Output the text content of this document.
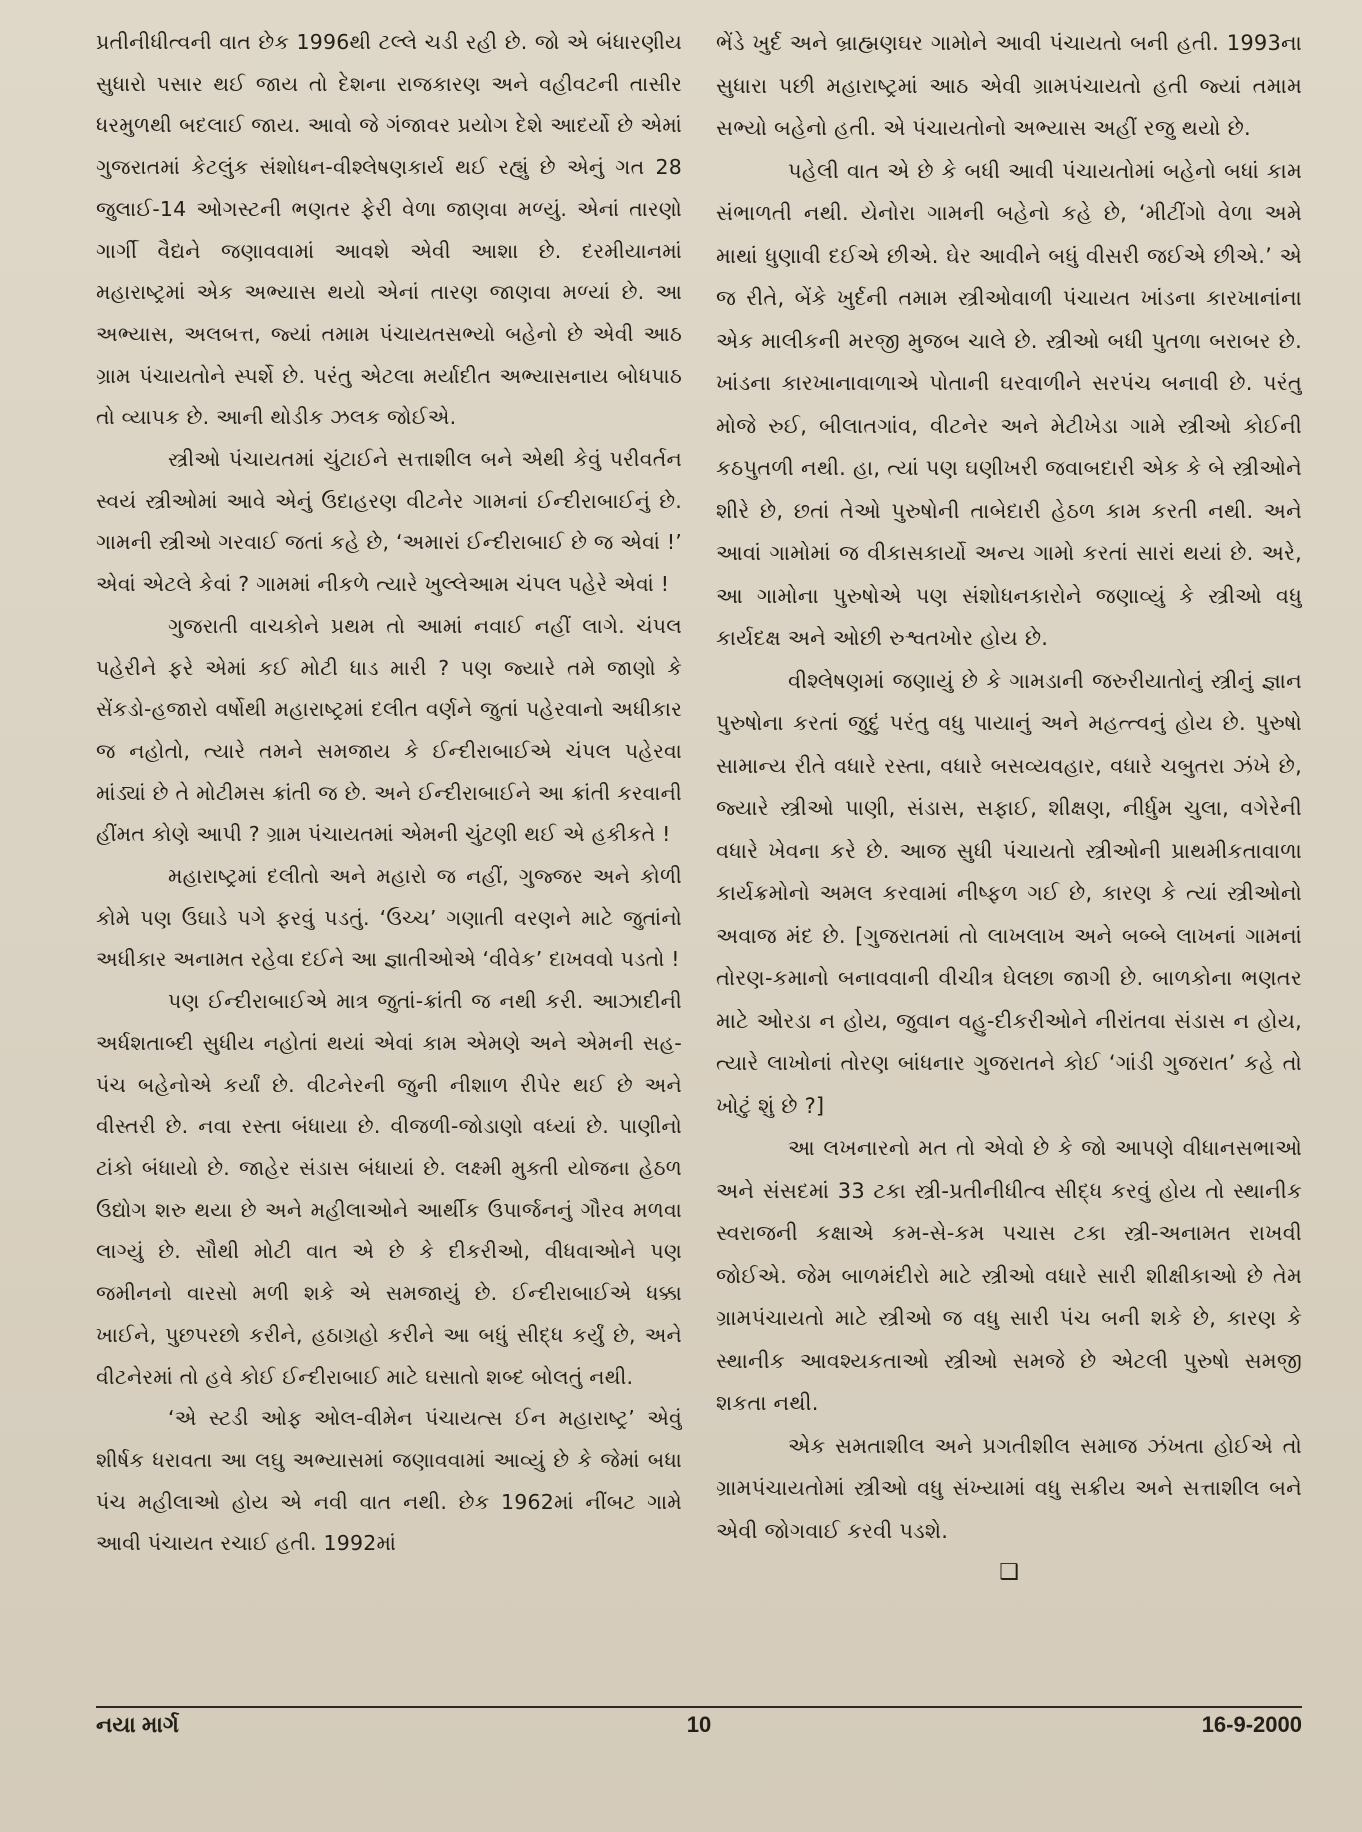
પ્રતીનીધીત્વની વાત છેક 1996થી ટલ્લે ચડી રહી છે. જો એ બંધારણીય સુધારો પસાર થઈ જાય તો દેશના રાજકારણ અને વહીવટની તાસીર ધરમુળથી બદલાઈ જાય. આવો જે ગંજાવર પ્રયોગ દેશે આદર્યો છે એમાં ગુજરાતમાં કેટલુંક સંશોધન-વીશ્લેષણકાર્ય થઈ રહ્યું છે એનું ગત 28 જુલાઈ-14 ઓગસ્ટની ભણતર ફેરી વેળા જાણવા મળ્યું. એનાં તારણો ગાર્ગી વૈદ્યને જણાવવામાં આવશે એવી આશા છે. દરમીયાનમાં મહારાષ્ટ્રમાં એક અભ્યાસ થયો એનાં તારણ જાણવા મળ્યાં છે. આ અભ્યાસ, અલબત્ત, જ્યાં તમામ પંચાયતસભ્યો બહેનો છે એવી આઠ ગ્રામ પંચાયતોને સ્પર્શે છે. પરંતુ એટલા મર્યાદીત અભ્યાસનાય બોધપાઠ તો વ્યાપક છે. આની થોડીક ઝલક જોઈએ.

સ્ત્રીઓ પંચાયતમાં ચુંટાઈને સત્તાશીલ બને એથી કેવું પરીવર્તન સ્વયં સ્ત્રીઓમાં આવે એનું ઉદાહરણ વીટનેર ગામનાં ઈન્દીરાબાઈનું છે. ગામની સ્ત્રીઓ ગરવાઈ જતાં કહે છે, ‘અમારાં ઈન્દીરાબાઈ છે જ એવાં !’ એવાં એટલે કેવાં ? ગામમાં નીકળે ત્યારે ખુલ્લેઆમ ચંપલ પહેરે એવાં !

ગુજરાતી વાચકોને પ્રથમ તો આમાં નવાઈ નહીં લાગે. ચંપલ પહેરીને ફરે એમાં કઈ મોટી ધાડ મારી ? પણ જ્યારે તમે જાણો કે સેંકડો-હજારો વર્ષોથી મહારાષ્ટ્રમાં દલીત વર્ણને જુતાં પહેરવાનો અધીકાર જ નહોતો, ત્યારે તમને સમજાય કે ઈન્દીરાબાઈએ ચંપલ પહેરવા માંડ્યાં છે તે મોટીમસ ક્રાંતી જ છે. અને ઈન્દીરાબાઈને આ ક્રાંતી કરવાની હીંમત કોણે આપી ? ગ્રામ પંચાયતમાં એમની ચુંટણી થઈ એ હકીકતે !

મહારાષ્ટ્રમાં દલીતો અને મહારો જ નહીં, ગુજ્જર અને કોળી કોમે પણ ઉઘાડે પગે ફરવું પડતું. ‘ઉચ્ચ’ ગણાતી વરણને માટે જુતાંનો અધીકાર અનામત રહેવા દઈને આ જ્ઞાતીઓએ ‘વીવેક’ દાખવવો પડતો !

પણ ઈન્દીરાબાઈએ માત્ર જુતાં-ક્રાંતી જ નથી કરી. આઝાદીની અર્ધશતાબ્દી સુધીય નહોતાં થયાં એવાં કામ એમણે અને એમની સહ-પંચ બહેનોએ કર્યાં છે. વીટનેરની જુની નીશાળ રીપેર થઈ છે અને વીસ્તરી છે. નવા રસ્તા બંધાયા છે. વીજળી-જોડાણો વધ્યાં છે. પાણીનો ટાંકો બંધાયો છે. જાહેર સંડાસ બંધાયાં છે. લક્ષ્મી મુક્તી યોજના હેઠળ ઉદ્યોગ શરુ થયા છે અને મહીલાઓને આર્થીક ઉપાર્જનનું ગૌરવ મળવા લાગ્યું છે. સૌથી મોટી વાત એ છે કે દીકરીઓ, વીધવાઓને પણ જમીનનો વારસો મળી શકે એ સમજાયું છે. ઈન્દીરાબાઈએ ધક્કા ખાઈને, પુછપરછો કરીને, હઠાગ્રહો કરીને આ બધું સીદ્ધ કર્યું છે, અને વીટનેરમાં તો હવે કોઈ ઈન્દીરાબાઈ માટે ઘસાતો શબ્દ બોલતું નથી.

‘એ સ્ટડી ઓફ ઓલ-વીમેન પંચાયત્સ ઈન મહારાષ્ટ્ર’ એવું શીર્ષક ધરાવતા આ લઘુ અભ્યાસમાં જણાવવામાં આવ્યું છે કે જેમાં બધા પંચ મહીલાઓ હોય એ નવી વાત નથી. છેક 1962માં નીંબટ ગામે આવી પંચાયત રચાઈ હતી. 1992માં

ભેંડે ખુર્દ અને બ્રાહ્મણઘર ગામોને આવી પંચાયતો બની હતી. 1993ના સુધારા પછી મહારાષ્ટ્રમાં આઠ એવી ગ્રામપંચાયતો હતી જ્યાં તમામ સભ્યો બહેનો હતી. એ પંચાયતોનો અભ્યાસ અહીં રજુ થયો છે.

પહેલી વાત એ છે કે બધી આવી પંચાયતોમાં બહેનો બધાં કામ સંભાળતી નથી. યેનોરા ગામની બહેનો કહે છે, ‘મીટીંગો વેળા અમે માથાં ધુણાવી દઈએ છીએ. ઘેર આવીને બધું વીસરી જઈએ છીએ.’ એ જ રીતે, બેંકે ખુર્દની તમામ સ્ત્રીઓવાળી પંચાયત ખાંડના કારખાનાંના એક માલીકની મરજી મુજબ ચાલે છે. સ્ત્રીઓ બધી પુતળા બરાબર છે. ખાંડના કારખાનાવાળાએ પોતાની ઘરવાળીને સરપંચ બનાવી છે. પરંતુ મોજે રુઈ, બીલાતગાંવ, વીટનેર અને મેટીખેડા ગામે સ્ત્રીઓ કોઈની કઠપુતળી નથી. હા, ત્યાં પણ ઘણીખરી જવાબદારી એક કે બે સ્ત્રીઓને શીરે છે, છતાં તેઓ પુરુષોની તાબેદારી હેઠળ કામ કરતી નથી. અને આવાં ગામોમાં જ વીકાસકાર્યો અન્ય ગામો કરતાં સારાં થયાં છે. અરે, આ ગામોના પુરુષોએ પણ સંશોધનકારોને જણાવ્યું કે સ્ત્રીઓ વધુ કાર્યદક્ષ અને ઓછી રુશ્વતખોર હોય છે.

વીશ્લેષણમાં જણાયું છે કે ગામડાની જરુરીયાતોનું સ્ત્રીનું જ્ઞાન પુરુષોના કરતાં જુદું પરંતુ વધુ પાયાનું અને મહત્ત્વનું હોય છે. પુરુષો સામાન્ય રીતે વધારે રસ્તા, વધારે બસવ્યવહાર, વધારે ચબુતરા ઝંખે છે, જ્યારે સ્ત્રીઓ પાણી, સંડાસ, સફાઈ, શીક્ષણ, નીર્ધુમ ચુલા, વગેરેની વધારે ખેવના કરે છે. આજ સુધી પંચાયતો સ્ત્રીઓની પ્રાથમીકતાવાળા કાર્યક્રમોનો અમલ કરવામાં નીષ્ફળ ગઈ છે, કારણ કે ત્યાં સ્ત્રીઓનો અવાજ મંદ છે. [ગુજરાતમાં તો લાખલાખ અને બબ્બે લાખનાં ગામનાં તોરણ-કમાનો બનાવવાની વીચીત્ર ઘેલછા જાગી છે. બાળકોના ભણતર માટે ઓરડા ન હોય, જુવાન વહુ-દીકરીઓને નીરાંતવા સંડાસ ન હોય, ત્યારે લાખોનાં તોરણ બાંધનાર ગુજરાતને કોઈ ‘ગાંડી ગુજરાત’ કહે તો ખોટું શું છે ?]

આ લખનારનો મત તો એવો છે કે જો આપણે વીધાનસભાઓ અને સંસદમાં 33 ટકા સ્ત્રી-પ્રતીનીધીત્વ સીદ્ધ કરવું હોય તો સ્થાનીક સ્વરાજની કક્ષાએ કમ-સે-કમ પચાસ ટકા સ્ત્રી-અનામત રાખવી જોઈએ. જેમ બાળમંદીરો માટે સ્ત્રીઓ વધારે સારી શીક્ષીકાઓ છે તેમ ગ્રામપંચાયતો માટે સ્ત્રીઓ જ વધુ સારી પંચ બની શકે છે, કારણ કે સ્થાનીક આવશ્યકતાઓ સ્ત્રીઓ સમજે છે એટલી પુરુષો સમજી શકતા નથી.

એક સમતાશીલ અને પ્રગતીશીલ સમાજ ઝંખતા હોઈએ તો ગ્રામપંચાયતોમાં સ્ત્રીઓ વધુ સંખ્યામાં વધુ સક્રીય અને સત્તાશીલ બને એવી જોગવાઈ કરવી પડશે.

❑

નયા માર્ગ	10	16-9-2000
